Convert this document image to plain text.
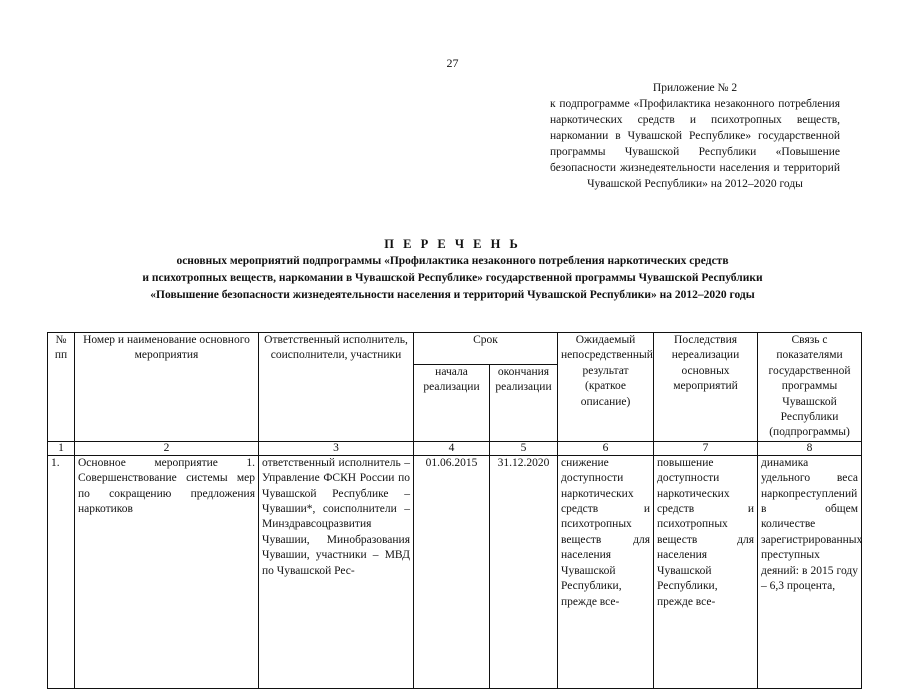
27
Приложение № 2
к подпрограмме «Профилактика незаконного потребления наркотических средств и психотропных веществ, наркомании в Чувашской Республике» государственной программы Чувашской Республики «Повышение безопасности жизнедеятельности населения и территорий Чувашской Республики» на 2012–2020 годы
П Е Р Е Ч Е Н Ь
основных мероприятий подпрограммы «Профилактика незаконного потребления наркотических средств
и психотропных веществ, наркомании в Чувашской Республике» государственной программы Чувашской Республики
«Повышение безопасности жизнедеятельности населения и территорий Чувашской Республики» на 2012–2020 годы
№ пп	Номер и наименование основного мероприятия	Ответственный исполнитель, соисполнители, участники	Срок		Ожидаемый непосредственный результат (краткое описание)	Последствия нереализации основных мероприятий	Связь с показателями государственной программы Чувашской Республики (подпрограммы)
			начала реализации	окончания реализации			
1	2	3	4	5	6	7	8
1.	Основное мероприятие 1. Совершенствование системы мер по сокращению предложения наркотиков	ответственный исполнитель – Управление ФСКН России по Чувашской Республике – Чувашии*, соисполнители – Минздравсоцразвития Чувашии, Минобразования Чувашии, участники – МВД по Чувашской Рес-	01.06.2015	31.12.2020	снижение доступности наркотических средств и психотропных веществ для населения Чувашской Республики, прежде все-	повышение доступности наркотических средств и психотропных веществ для населения Чувашской Республики, прежде все-	динамика удельного веса наркопреступлений в общем количестве зарегистрированных преступных деяний: в 2015 году – 6,3 процента,
